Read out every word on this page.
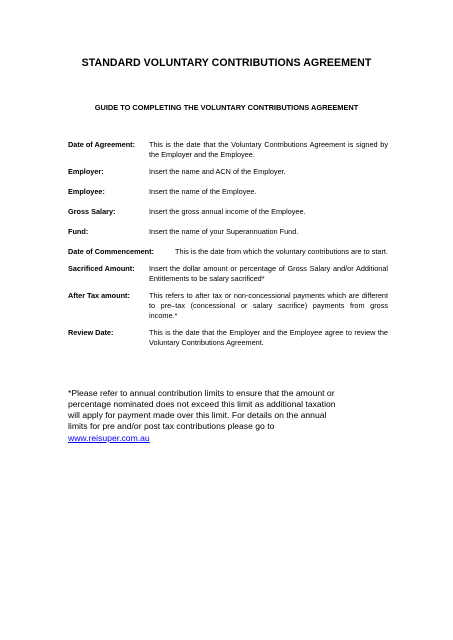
STANDARD VOLUNTARY CONTRIBUTIONS AGREEMENT
GUIDE TO COMPLETING THE VOLUNTARY CONTRIBUTIONS AGREEMENT
Date of Agreement: This is the date that the Voluntary Contributions Agreement is signed by the Employer and the Employee.
Employer:	Insert the name and ACN of the Employer.
Employee:	Insert the name of the Employee.
Gross Salary:	Insert the gross annual income of the Employee.
Fund:	Insert the name of your Superannuation Fund.
Date of Commencement:	This is the date from which the voluntary contributions are to start.
Sacrificed Amount: Insert the dollar amount or percentage of Gross Salary and/or Additional Entitlements to be salary sacrificed*
After Tax amount:	This refers to after tax or non-concessional payments which are different to pre–tax (concessional or salary sacrifice) payments from gross income.*
Review Date:	This is the date that the Employer and the Employee agree to review the Voluntary Contributions Agreement.

*Please refer to annual contribution limits to ensure that the amount or percentage nominated does not exceed this limit as additional taxation will apply for payment made over this limit. For details on the annual limits for pre and/or post tax contributions please go to www.reisuper.com.au
